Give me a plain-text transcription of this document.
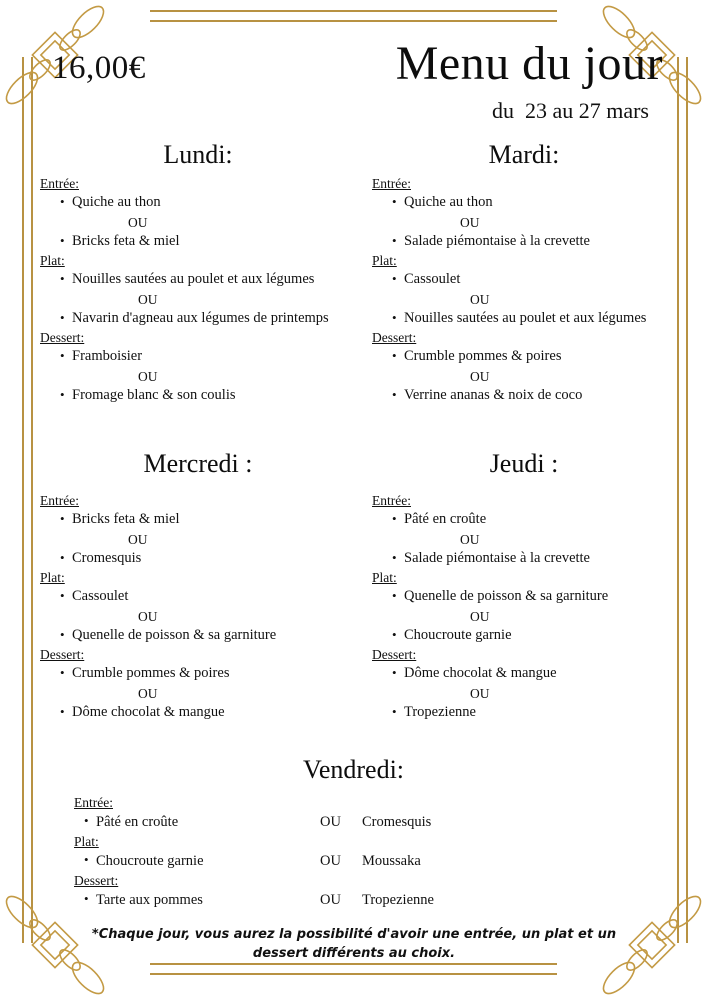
16,00€	Menu du jour
du  23 au 27 mars
Lundi:
Entrée:
• Quiche au thon
OU
• Bricks feta & miel
Plat:
• Nouilles sautées au poulet et aux légumes
OU
• Navarin d'agneau aux légumes de printemps
Dessert:
• Framboisier
OU
• Fromage blanc & son coulis
Mardi:
Entrée:
• Quiche au thon
OU
• Salade piémontaise à la crevette
Plat:
• Cassoulet
OU
• Nouilles sautées au poulet et aux légumes
Dessert:
• Crumble pommes & poires
OU
• Verrine ananas & noix de coco
Mercredi :
Entrée:
• Bricks feta & miel
OU
• Cromesquis
Plat:
• Cassoulet
OU
• Quenelle de poisson & sa garniture
Dessert:
• Crumble pommes & poires
OU
• Dôme chocolat & mangue
Jeudi :
Entrée:
• Pâté en croûte
OU
• Salade piémontaise à la crevette
Plat:
• Quenelle de poisson & sa garniture
OU
• Choucroute garnie
Dessert:
• Dôme chocolat & mangue
OU
• Tropezienne
Vendredi:
Entrée:
• Pâté en croûte	OU	Cromesquis
Plat:
• Choucroute garnie	OU	Moussaka
Dessert:
• Tarte aux pommes	OU	Tropezienne
*Chaque jour, vous aurez la possibilité d'avoir une entrée, un plat et un dessert différents au choix.
